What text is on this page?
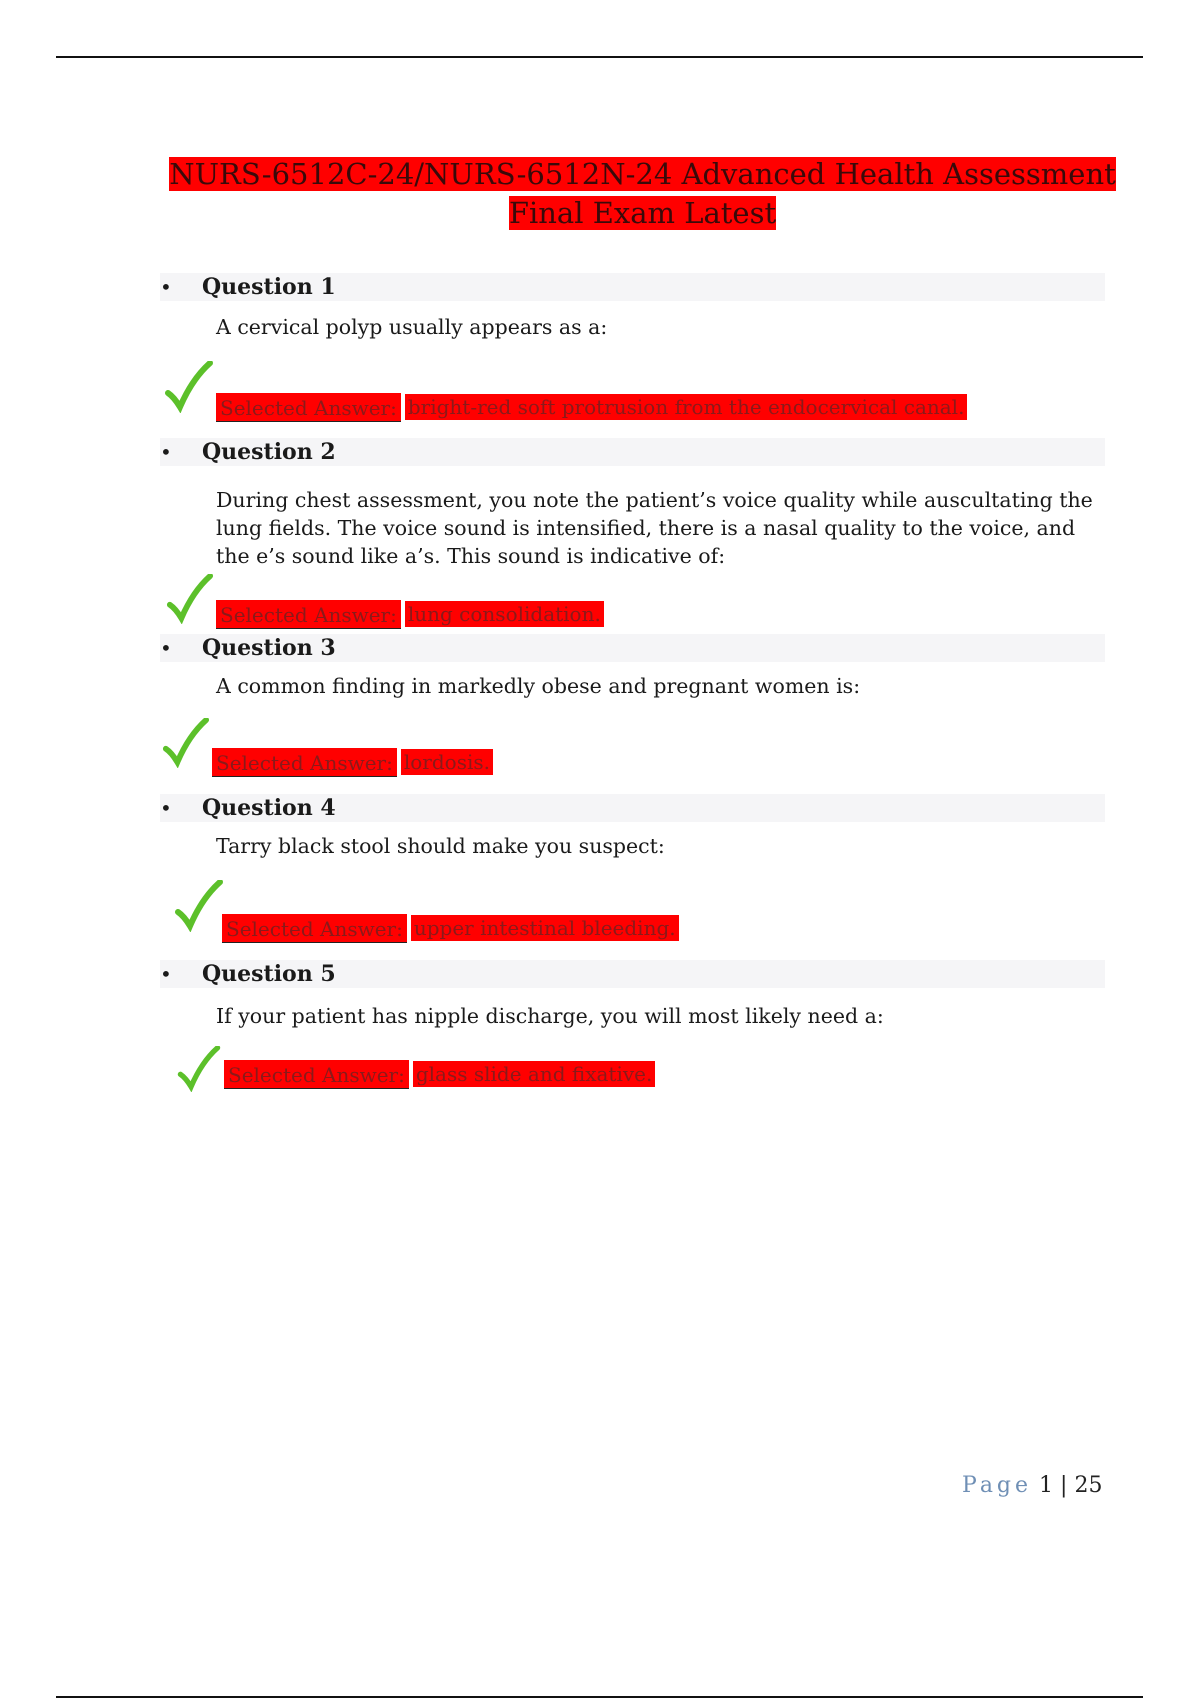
NURS-6512C-24/NURS-6512N-24 Advanced Health Assessment Final Exam Latest
• Question 1
A cervical polyp usually appears as a:
Selected Answer: bright-red soft protrusion from the endocervical canal.
• Question 2
During chest assessment, you note the patient’s voice quality while auscultating the lung fields. The voice sound is intensified, there is a nasal quality to the voice, and the e’s sound like a’s. This sound is indicative of:
Selected Answer: lung consolidation.
• Question 3
A common finding in markedly obese and pregnant women is:
Selected Answer: lordosis.
• Question 4
Tarry black stool should make you suspect:
Selected Answer: upper intestinal bleeding.
• Question 5
If your patient has nipple discharge, you will most likely need a:
Selected Answer: glass slide and fixative.
Page 1 | 25
